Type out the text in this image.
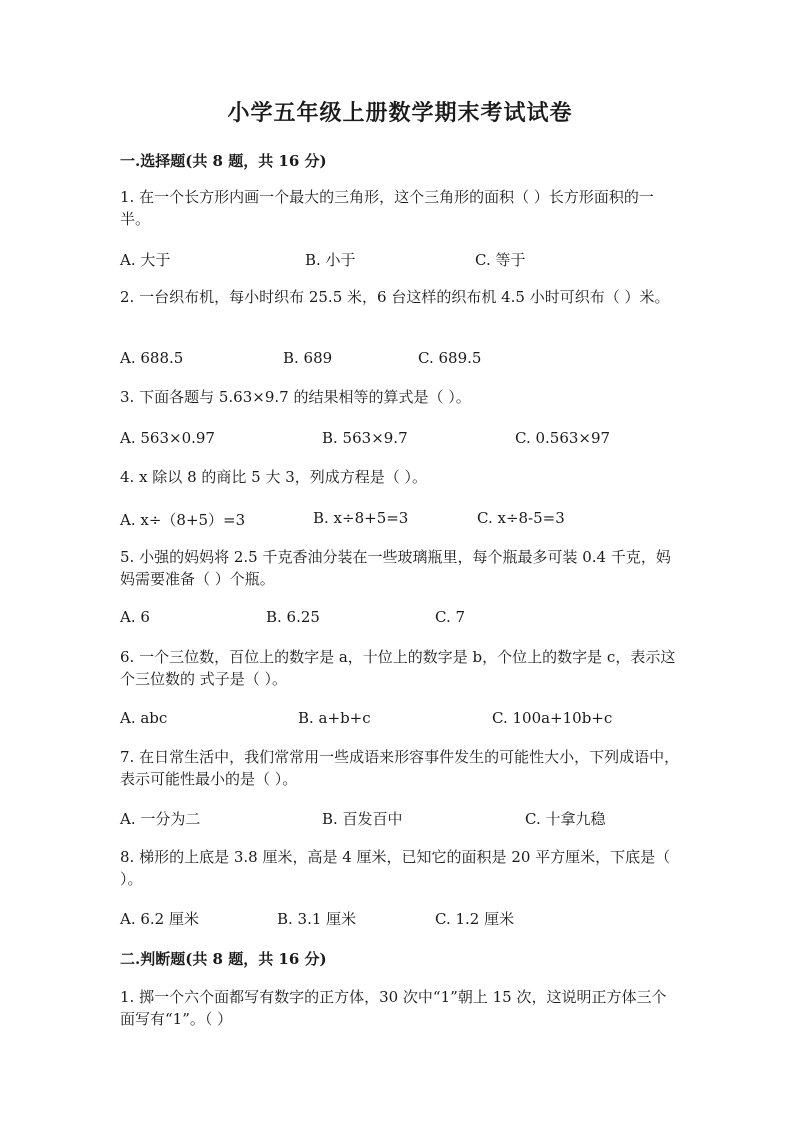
小学五年级上册数学期末考试试卷
一.选择题(共 8 题，共 16 分)
1. 在一个长方形内画一个最大的三角形，这个三角形的面积（ ）长方形面积的一半。
A. 大于	B. 小于	C. 等于
2. 一台织布机，每小时织布 25.5 米，6 台这样的织布机 4.5 小时可织布（ ）米。
A. 688.5	B. 689	C. 689.5
3. 下面各题与 5.63×9.7 的结果相等的算式是（ ）。
A. 563×0.97	B. 563×9.7	C. 0.563×97
4. x 除以 8 的商比 5 大 3，列成方程是（ ）。
A. x÷（8+5）=3	B. x÷8+5=3	C. x÷8-5=3
5. 小强的妈妈将 2.5 千克香油分装在一些玻璃瓶里，每个瓶最多可装 0.4 千克，妈妈需要准备（ ）个瓶。
A. 6	B. 6.25	C. 7
6. 一个三位数，百位上的数字是 a，十位上的数字是 b，个位上的数字是 c，表示这个三位数的 式子是（ ）。
A. abc	B. a+b+c	C. 100a+10b+c
7. 在日常生活中，我们常常用一些成语来形容事件发生的可能性大小，下列成语中，表示可能性最小的是（ ）。
A. 一分为二	B. 百发百中	C. 十拿九稳
8. 梯形的上底是 3.8 厘米，高是 4 厘米，已知它的面积是 20 平方厘米，下底是（ ）。
A. 6.2 厘米	B. 3.1 厘米	C. 1.2 厘米
二.判断题(共 8 题，共 16 分)
1. 掷一个六个面都写有数字的正方体，30 次中“1”朝上 15 次，这说明正方体三个面写有“1”。（ ）
